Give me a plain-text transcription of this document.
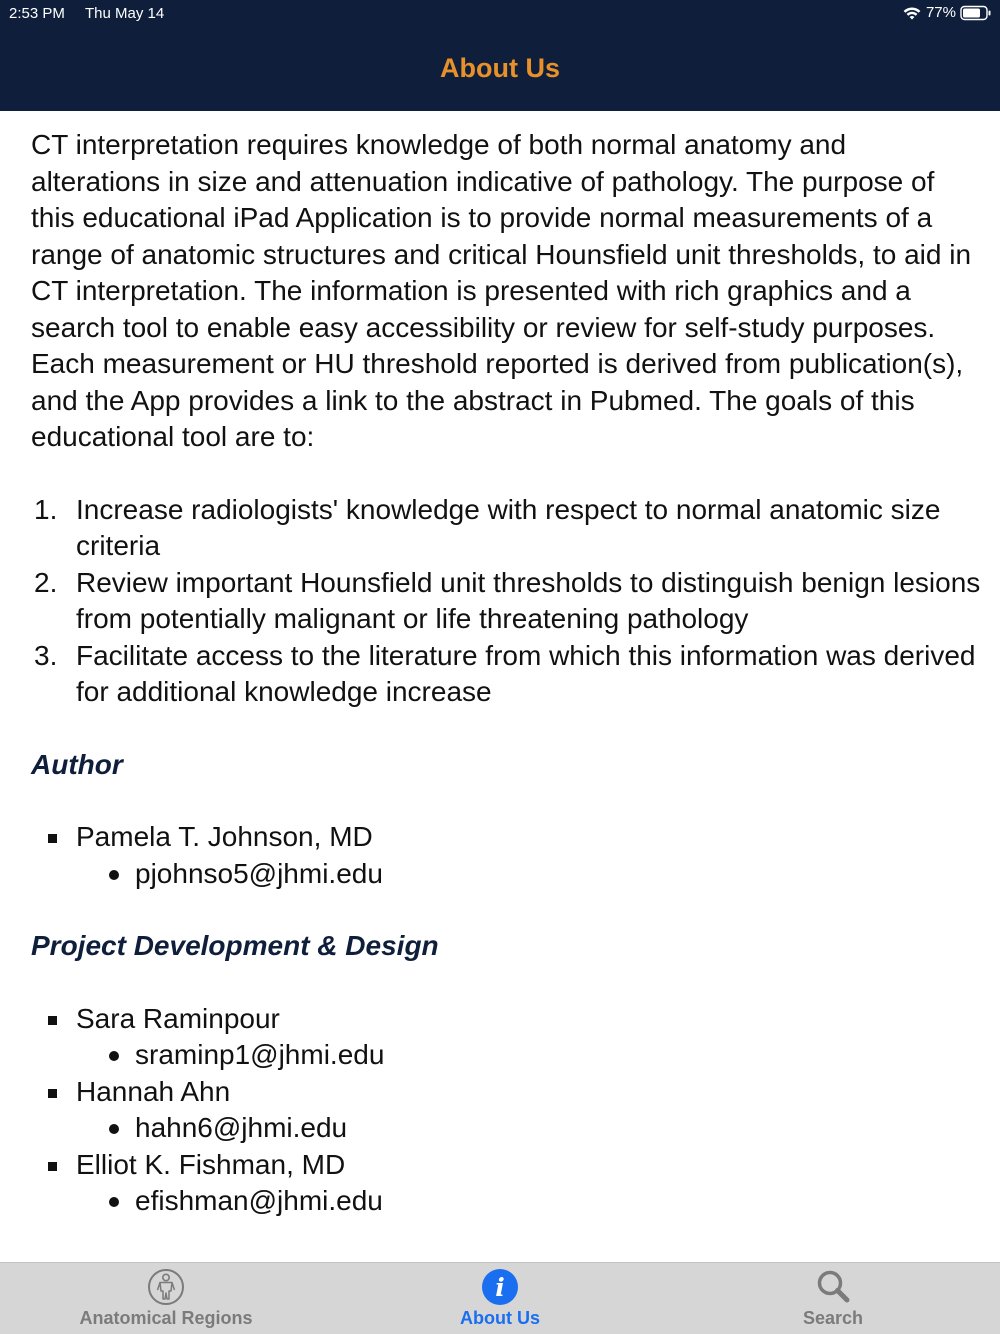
2:53 PM Thu May 14	77%
About Us

CT interpretation requires knowledge of both normal anatomy and alterations in size and attenuation indicative of pathology. The purpose of this educational iPad Application is to provide normal measurements of a range of anatomic structures and critical Hounsfield unit thresholds, to aid in CT interpretation. The information is presented with rich graphics and a search tool to enable easy accessibility or review for self-study purposes. Each measurement or HU threshold reported is derived from publication(s), and the App provides a link to the abstract in Pubmed. The goals of this educational tool are to:

1. Increase radiologists' knowledge with respect to normal anatomic size criteria
2. Review important Hounsfield unit thresholds to distinguish benign lesions from potentially malignant or life threatening pathology
3. Facilitate access to the literature from which this information was derived for additional knowledge increase
Author
Pamela T. Johnson, MD
pjohnso5@jhmi.edu
Project Development & Design
Sara Raminpour
sraminp1@jhmi.edu
Hannah Ahn
hahn6@jhmi.edu
Elliot K. Fishman, MD
efishman@jhmi.edu
Anatomical Regions
i
About Us	Search
